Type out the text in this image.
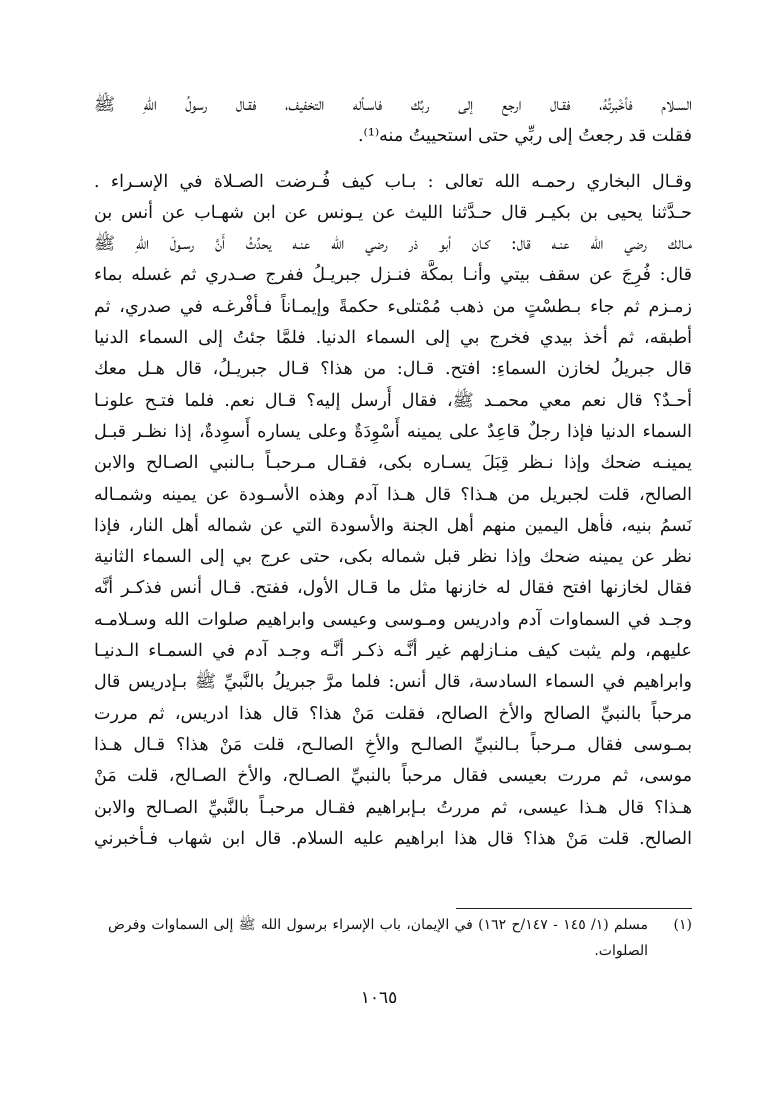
السـلام فأخْبرتُهُ، فقـال ارجع إلى ربِّك فاسـأله التخفيف، فقـال رسولُ اللهِ ﷺ
فقلت قد رجعتُ إلى ربِّي حتى استحييتُ منه⁽¹⁾.
وقـال البخاري رحمـه الله تعالى : بـاب كيف فُـرضت الصـلاة في الإسـراء .
حـدَّثنا يحيى بن بكيـر قال حـدَّثنا الليث عن يـونس عن ابن شهـاب عن أنس بن
مـالك رضي الله عنـه قال: كـان أبو ذر رضي الله عنـه يحدِّثُ أَنَّ رسـولَ اللهِ ﷺ
قال: فُرِجَ عن سقف بيتي وأنـا بمكَّة فنـزل جبريـلُ ففرج صـدري ثم غسله بماء
زمـزم ثم جاء بـطسْتٍ من ذهب مُمْتلىء حكمةً وإيمـاناً فـأفْرغـه في صدري، ثم
أطبقه، ثم أخذ بيدي فخرج بي إلى السماء الدنيا. فلمَّا جئتُ إلى السماء الدنيا
قال جبريلُ لخازن السماءِ: افتح. قـال: من هذا؟ قـال جبريـلُ، قال هـل معك
أحـدٌ؟ قال نعم معي محمـد ﷺ، فقال أُرسل إليه؟ قـال نعم. فلما فتـح علونـا
السماء الدنيا فإذا رجلٌ قاعِدٌ على يمينه أَسْوِدَةٌ وعلى يساره أَسوِدةٌ، إذا نظـر قبـل
يمينـه ضحك وإذا نـظر قِبَلَ يسـاره بكى، فقـال مـرحبـاً بـالنبي الصـالح والابن
الصالح، قلت لجبريل من هـذا؟ قال هـذا آدم وهذه الأسـودة عن يمينه وشمـاله
نَسمُ بنيه، فأهل اليمين منهم أهل الجنة والأسودة التي عن شماله أهل النار، فإذا
نظر عن يمينه ضحك وإذا نظر قبل شماله بكى، حتى عرج بي إلى السماء الثانية
فقال لخازنها افتح فقال له خازنها مثل ما قـال الأول، ففتح. قـال أنس فذكـر أنَّه
وجـد في السماوات آدم وادريس ومـوسى وعيسى وابراهيم صلوات الله وسـلامـه
عليهم، ولم يثبت كيف منـازلهم غير أنَّـه ذكـر أنَّـه وجـد آدم في السمـاء الـدنيـا
وابراهيم في السماء السادسة، قال أنس: فلما مرَّ جبريلُ بالنَّبيِّ ﷺ بـإدريس قال
مرحباً بالنبيِّ الصالح والأخ الصالح، فقلت مَنْ هذا؟ قال هذا ادريس، ثم مررت
بمـوسى فقال مـرحباً بـالنبيِّ الصالـح والأخِ الصالـح، قلت مَنْ هذا؟ قـال هـذا
موسى، ثم مررت بعيسى فقال مرحباً بالنبيِّ الصـالح، والأخ الصـالح، قلت مَنْ
هـذا؟ قال هـذا عيسى، ثم مررتُ بـإبراهيم فقـال مرحبـاً بالنَّبيِّ الصـالح والابن
الصالح. قلت مَنْ هذا؟ قال هذا ابراهيم عليه السلام. قال ابن شهاب فـأخبرني
(١)
مسلم (١/ ١٤٥ - ١٤٧/ح ١٦٢) في الإيمان، باب الإسراء برسول الله ﷺ إلى السماوات وفرض
الصلوات.
١٠٦٥
